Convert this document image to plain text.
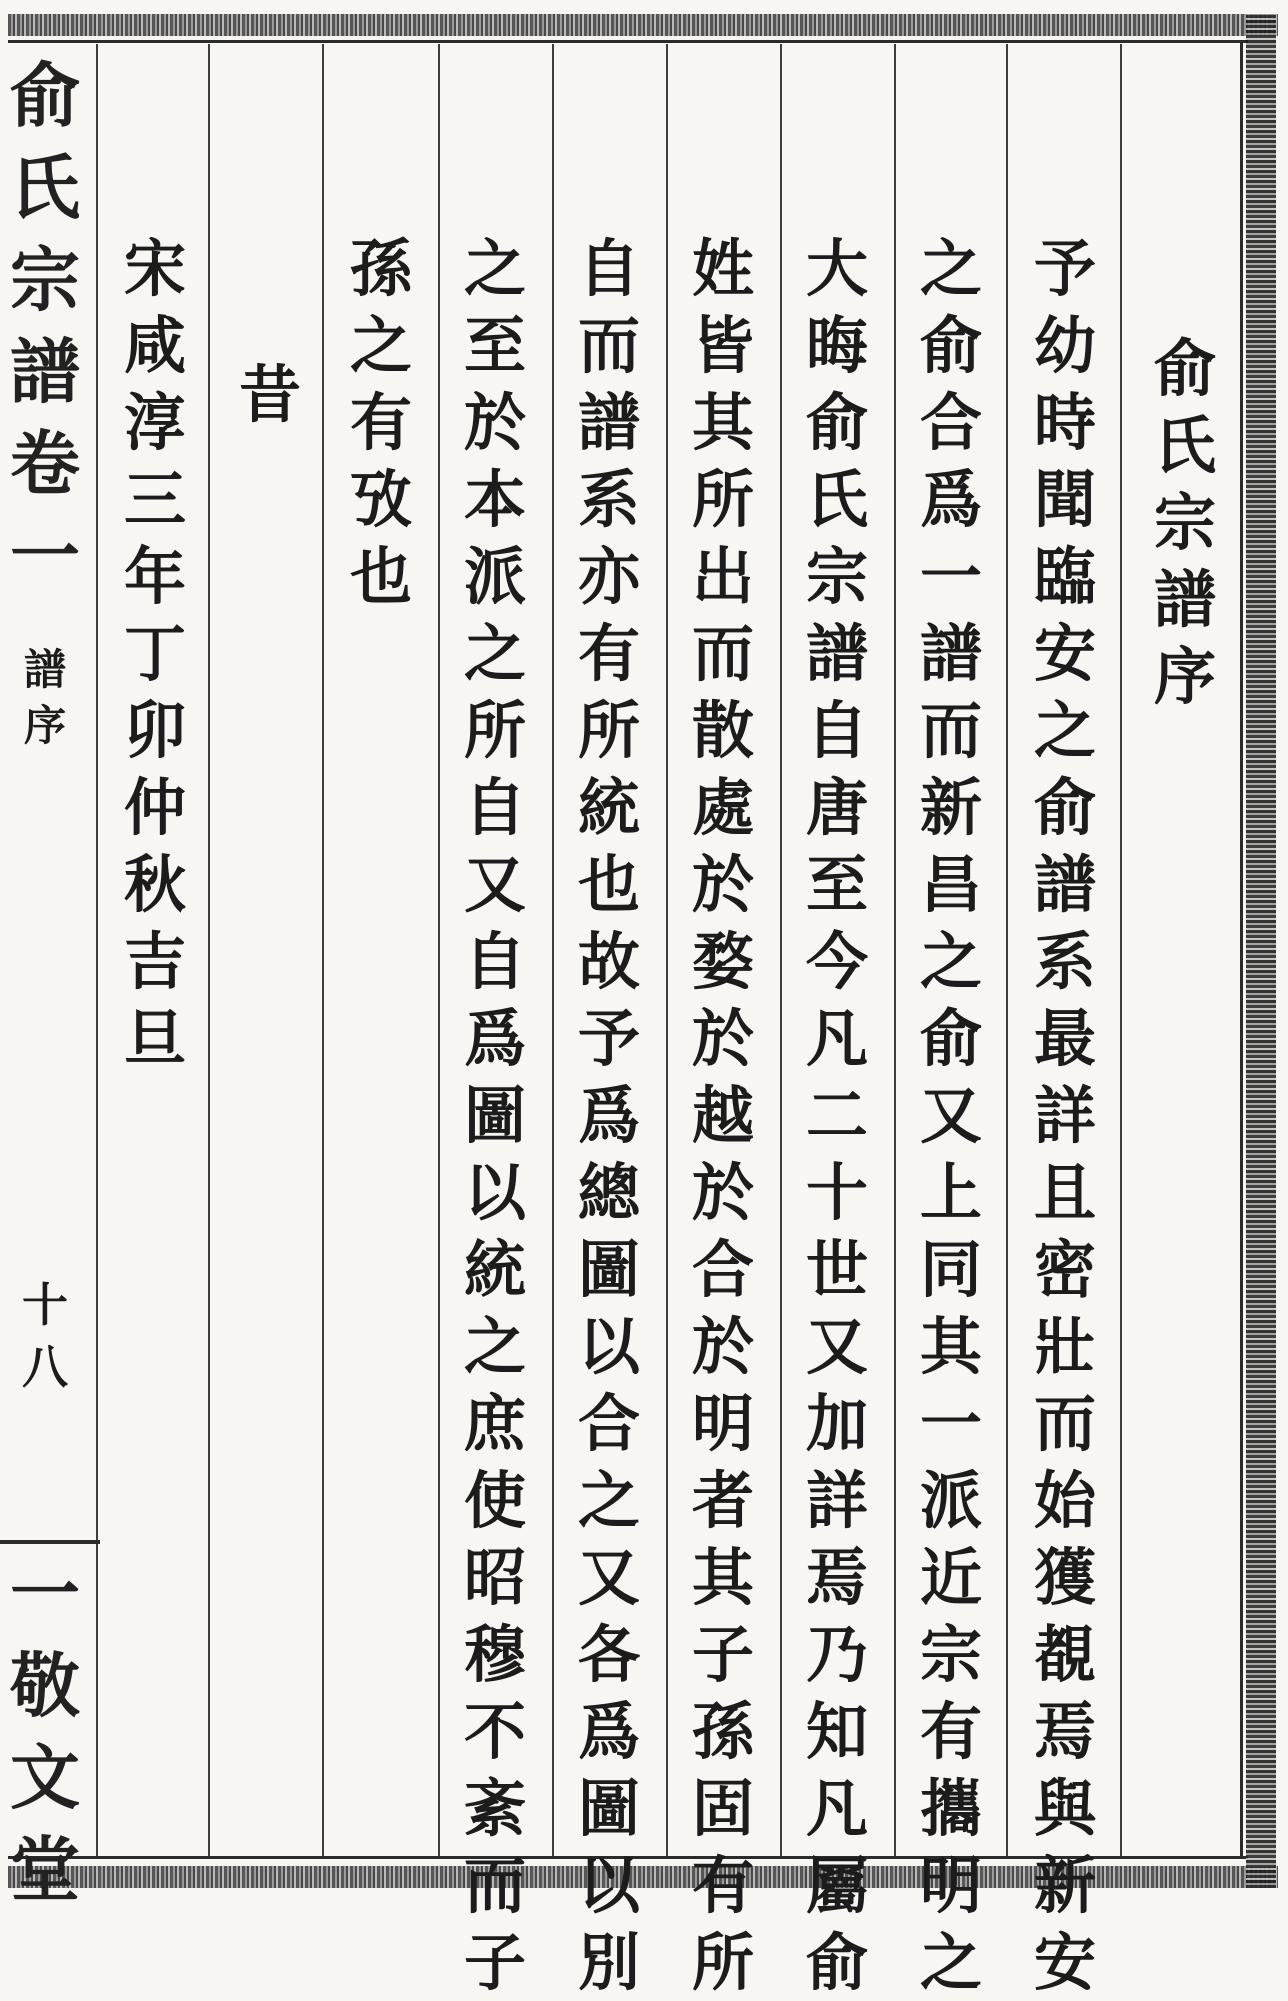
俞
氏
宗
譜
卷
一
譜
序
十
八
一
敬
文
堂
俞
氏
宗
譜
序
予
幼
時
聞
臨
安
之
俞
譜
系
最
詳
且
密
壯
而
始
獲
覩
焉
與
新
安
之
俞
合
爲
一
譜
而
新
昌
之
俞
又
上
同
其
一
派
近
宗
有
攜
明
之
大
晦
俞
氏
宗
譜
自
唐
至
今
凡
二
十
世
又
加
詳
焉
乃
知
凡
屬
俞
姓
皆
其
所
出
而
散
處
於
婺
於
越
於
合
於
明
者
其
子
孫
固
有
所
自
而
譜
系
亦
有
所
統
也
故
予
爲
總
圖
以
合
之
又
各
爲
圖
以
別
之
至
於
本
派
之
所
自
又
自
爲
圖
以
統
之
庶
使
昭
穆
不
紊
而
子
孫
之
有
攷
也
宋
咸
淳
三
年
丁
卯
仲
秋
吉
旦
昔
